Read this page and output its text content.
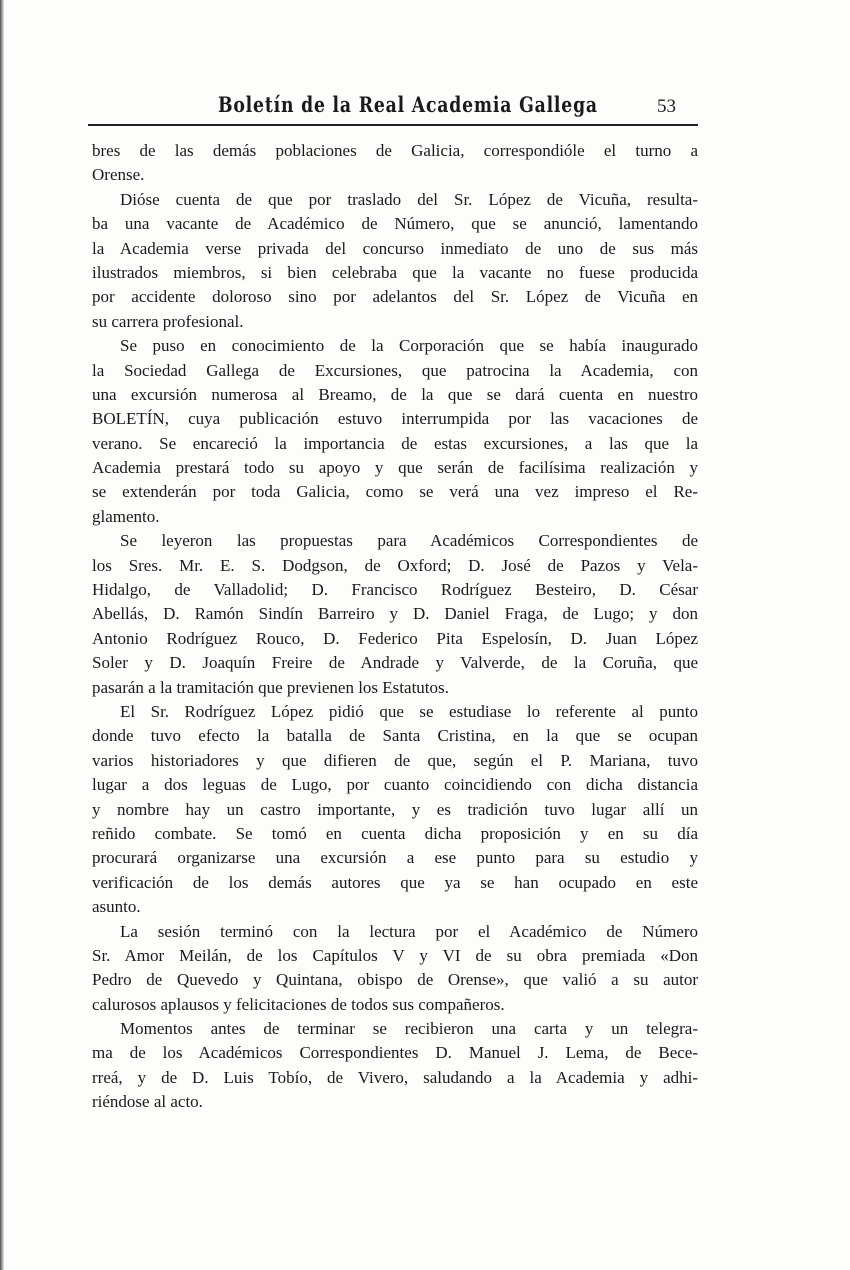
Boletín de la Real Academia Gallega	53
bres de las demás poblaciones de Galicia, correspondióle el turno a
Orense.
Dióse cuenta de que por traslado del Sr. López de Vicuña, resulta-
ba una vacante de Académico de Número, que se anunció, lamentando
la Academia verse privada del concurso inmediato de uno de sus más
ilustrados miembros, si bien celebraba que la vacante no fuese producida
por accidente doloroso sino por adelantos del Sr. López de Vicuña en
su carrera profesional.
Se puso en conocimiento de la Corporación que se había inaugurado
la Sociedad Gallega de Excursiones, que patrocina la Academia, con
una excursión numerosa al Breamo, de la que se dará cuenta en nuestro
BOLETÍN, cuya publicación estuvo interrumpida por las vacaciones de
verano. Se encareció la importancia de estas excursiones, a las que la
Academia prestará todo su apoyo y que serán de facilísima realización y
se extenderán por toda Galicia, como se verá una vez impreso el Re-
glamento.
Se leyeron las propuestas para Académicos Correspondientes de
los Sres. Mr. E. S. Dodgson, de Oxford; D. José de Pazos y Vela-
Hidalgo, de Valladolid; D. Francisco Rodríguez Besteiro, D. César
Abellás, D. Ramón Sindín Barreiro y D. Daniel Fraga, de Lugo; y don
Antonio Rodríguez Rouco, D. Federico Pita Espelosín, D. Juan López
Soler y D. Joaquín Freire de Andrade y Valverde, de la Coruña, que
pasarán a la tramitación que previenen los Estatutos.
El Sr. Rodríguez López pidió que se estudiase lo referente al punto
donde tuvo efecto la batalla de Santa Cristina, en la que se ocupan
varios historiadores y que difieren de que, según el P. Mariana, tuvo
lugar a dos leguas de Lugo, por cuanto coincidiendo con dicha distancia
y nombre hay un castro importante, y es tradición tuvo lugar allí un
reñido combate. Se tomó en cuenta dicha proposición y en su día
procurará organizarse una excursión a ese punto para su estudio y
verificación de los demás autores que ya se han ocupado en este
asunto.
La sesión terminó con la lectura por el Académico de Número
Sr. Amor Meilán, de los Capítulos V y VI de su obra premiada «Don
Pedro de Quevedo y Quintana, obispo de Orense», que valió a su autor
calurosos aplausos y felicitaciones de todos sus compañeros.
Momentos antes de terminar se recibieron una carta y un telegra-
ma de los Académicos Correspondientes D. Manuel J. Lema, de Bece-
rreá, y de D. Luis Tobío, de Vivero, saludando a la Academia y adhi-
riéndose al acto.
